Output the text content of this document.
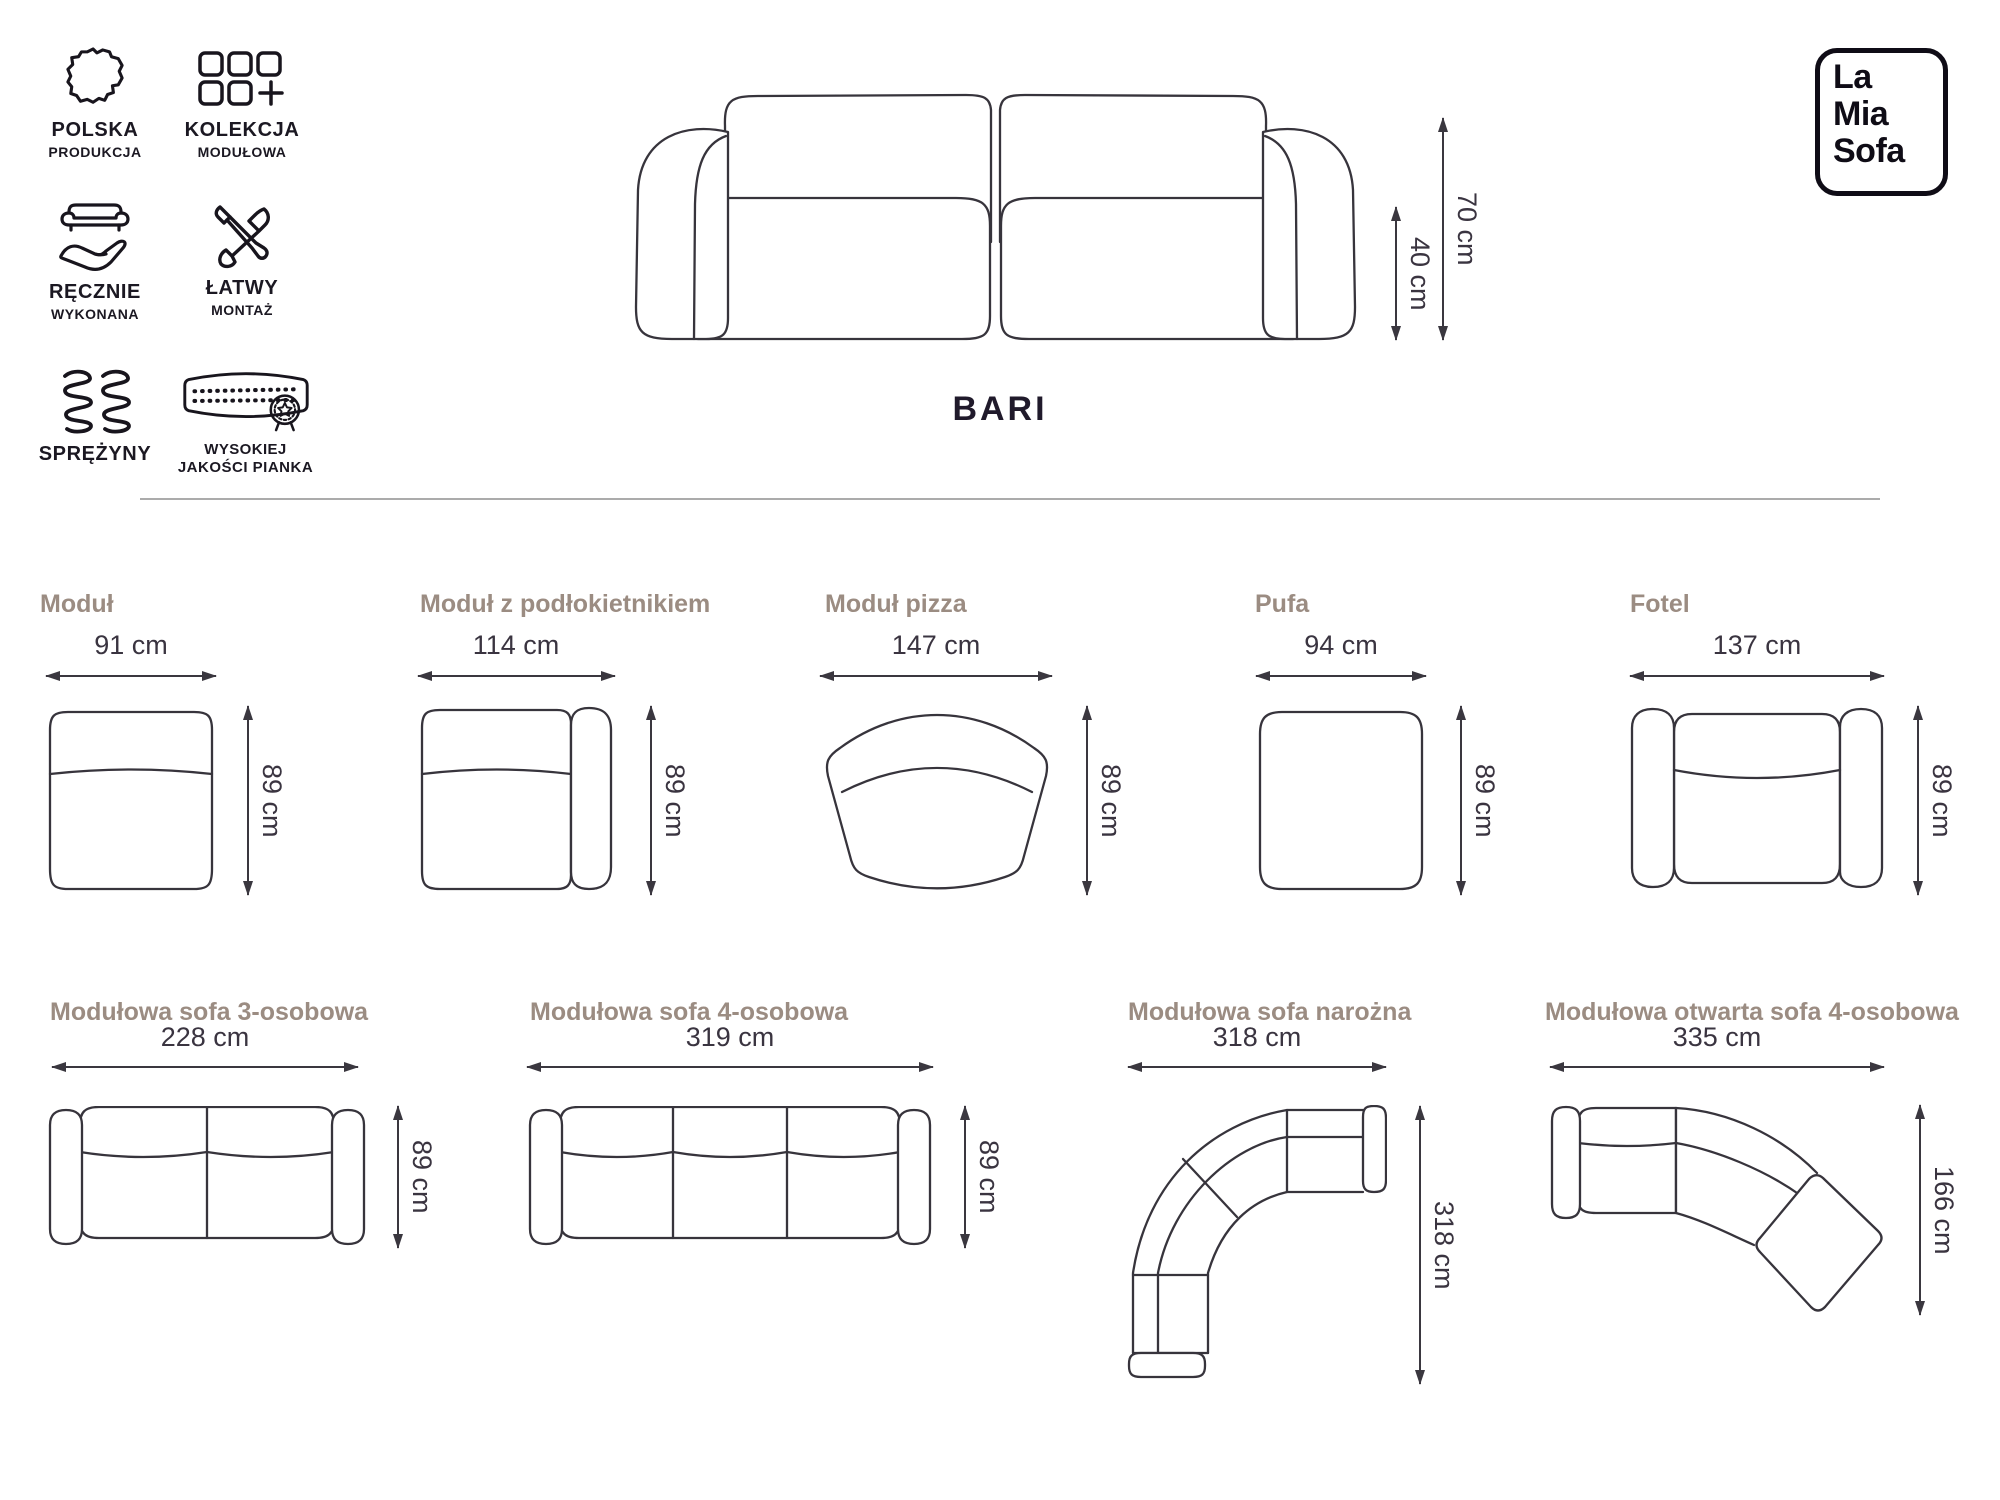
POLSKA
PRODUKCJA
KOLEKCJA
MODUŁOWA
RĘCZNIE
WYKONANA
ŁATWY
MONTAŻ
SPRĘŻYNY	WYSOKIEJ
JAKOŚCI PIANKA
La
Mia
Sofa
40 cm
70 cm
BARI
Moduł
91 cm
89 cm
Moduł z podłokietnikiem
114 cm
89 cm
Moduł pizza
147 cm
89 cm
Pufa
94 cm
89 cm
Fotel
137 cm
89 cm
Modułowa sofa 3-osobowa
228 cm
89 cm
Modułowa sofa 4-osobowa
319 cm
89 cm
Modułowa sofa narożna
318 cm
318 cm
Modułowa otwarta sofa 4-osobowa
335 cm
166 cm
